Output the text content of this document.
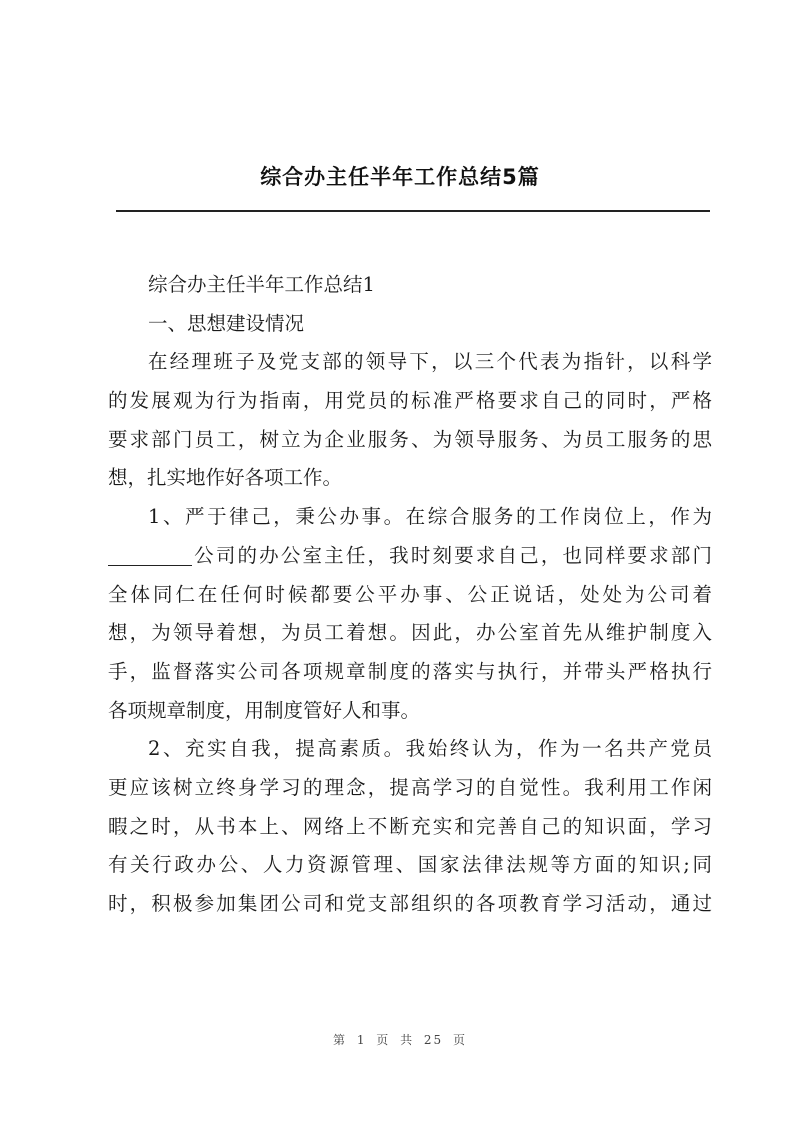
综合办主任半年工作总结5篇
综合办主任半年工作总结1
一、思想建设情况
在经理班子及党支部的领导下，以三个代表为指针，以科学
的发展观为行为指南，用党员的标准严格要求自己的同时，严格
要求部门员工，树立为企业服务、为领导服务、为员工服务的思
想，扎实地作好各项工作。
1、严于律己，秉公办事。在综合服务的工作岗位上，作为
公司的办公室主任，我时刻要求自己，也同样要求部门
全体同仁在任何时候都要公平办事、公正说话，处处为公司着
想，为领导着想，为员工着想。因此，办公室首先从维护制度入
手，监督落实公司各项规章制度的落实与执行，并带头严格执行
各项规章制度，用制度管好人和事。
2、充实自我，提高素质。我始终认为，作为一名共产党员
更应该树立终身学习的理念，提高学习的自觉性。我利用工作闲
暇之时，从书本上、网络上不断充实和完善自己的知识面，学习
有关行政办公、人力资源管理、国家法律法规等方面的知识;同
时，积极参加集团公司和党支部组织的各项教育学习活动，通过
第 1 页 共 25 页
